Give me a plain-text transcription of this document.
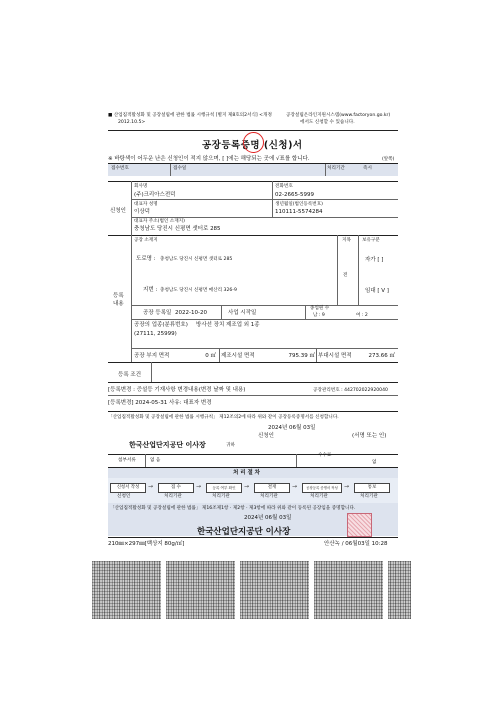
■ 산업집적활성화 및 공장설립에 관한 법률 시행규칙 [별지 제8호의2서식] <개정
2012.10.5>
공장설립온라인지원시스템(www.factoryon.go.kr)
에서도 신청할 수 있습니다.
공장등록증명 (신청)서
※ 바탕색이 어두운 난은 신청인이 적지 않으며, [ ]에는 해당되는 곳에 √표를 합니다.	(앞쪽)
접수번호	접수일	처리기간	즉시
신청인
회사명
(주)크리아스전덕
전화번호
02-2665-5999
대표자 성명
이상덕
생년월일(법인등록번호)
110111-5574284
대표자 주소(법인 소재지)
충청남도 당진시 신평면 샛터로 285
등록
내용
공장 소재지
도로명 : 충청남도 당진시 신평면 샛터로 285
지번 : 충청남도 당진시 신평면 매산리 326-9
지목
전
보유구분
자가 [ ]
임대 [ V ]
공장 등록일 2022-10-20	사업 시작일
종업원 수
남 : 9	여 : 2
공장의 업종(분류번호) 방사선 장치 제조업 외 1종
(27111, 25999)
공장 부지 면적	0 ㎡ 제조시설 면적	795.39 ㎡ 부대시설 면적	273.66 ㎡
등록 조건
[등록변경 : 증설등 기재사항 변경내용(변경 날짜 및 내용)	공장관리번호 : 442702022920040
[등록변경] 2024-05-31 사유: 대표자 변경
「산업집적활성화 및 공장설립에 관한 법률 시행규칙」 제12조의2에 따라 위와 같이 공장등록증명서를 신청합니다.
2024년 06월 03일
신청인	(서명 또는 인)
한국산업단지공단 이사장	귀하
첨부서류	없 음
수수료
없
처 리 절 차
신청서 작성	→	접 수	→	등록 여부 확인	→	결재	→	공장등록 증명서 작성	→	통보
신청인	처리기관	처리기관	처리기관	처리기관	처리기관
「산업집적활성화 및 공장설립에 관한 법률」 제16조제1항 · 제2항 · 제3항에 따라 위와 같이 등록된 공장임을 증명합니다.
2024년 06월 03일
한국산업단지공단 이사장
210㎜×297㎜[백상지 80g/㎡]	안산녹 / 06월03일 10:28
